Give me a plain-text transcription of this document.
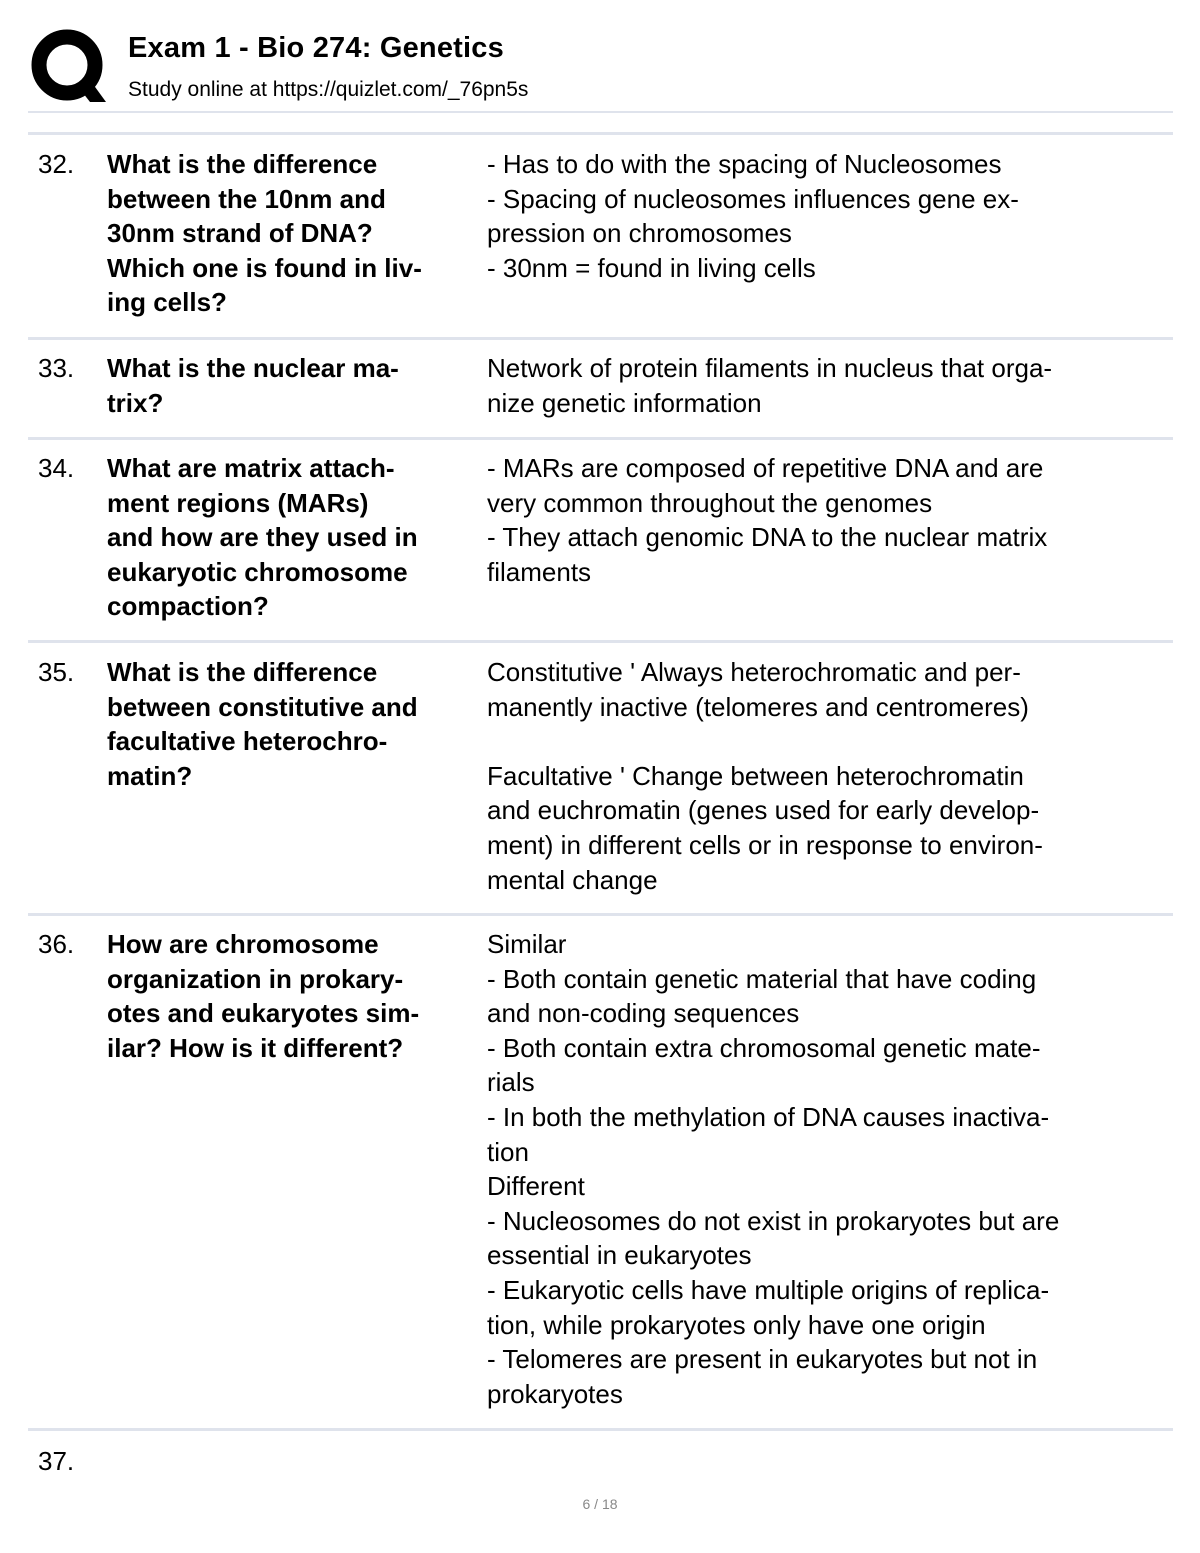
Exam 1 - Bio 274: Genetics
Study online at https://quizlet.com/_76pn5s
32. What is the difference
between the 10nm and
30nm strand of DNA?
Which one is found in liv-
ing cells?
- Has to do with the spacing of Nucleosomes
- Spacing of nucleosomes influences gene ex-
pression on chromosomes
- 30nm = found in living cells
33. What is the nuclear ma-
trix?
Network of protein filaments in nucleus that orga-
nize genetic information
34. What are matrix attach-
ment regions (MARs)
and how are they used in
eukaryotic chromosome
compaction?
- MARs are composed of repetitive DNA and are
very common throughout the genomes
- They attach genomic DNA to the nuclear matrix
filaments
35. What is the difference
between constitutive and
facultative heterochro-
matin?
Constitutive ' Always heterochromatic and per-
manently inactive (telomeres and centromeres)
Facultative ' Change between heterochromatin
and euchromatin (genes used for early develop-
ment) in different cells or in response to environ-
mental change
36. How are chromosome
organization in prokary-
otes and eukaryotes sim-
ilar? How is it different?
Similar
- Both contain genetic material that have coding
and non-coding sequences
- Both contain extra chromosomal genetic mate-
rials
- In both the methylation of DNA causes inactiva-
tion
Different
- Nucleosomes do not exist in prokaryotes but are
essential in eukaryotes
- Eukaryotic cells have multiple origins of replica-
tion, while prokaryotes only have one origin
- Telomeres are present in eukaryotes but not in
prokaryotes
37.
6 / 18
